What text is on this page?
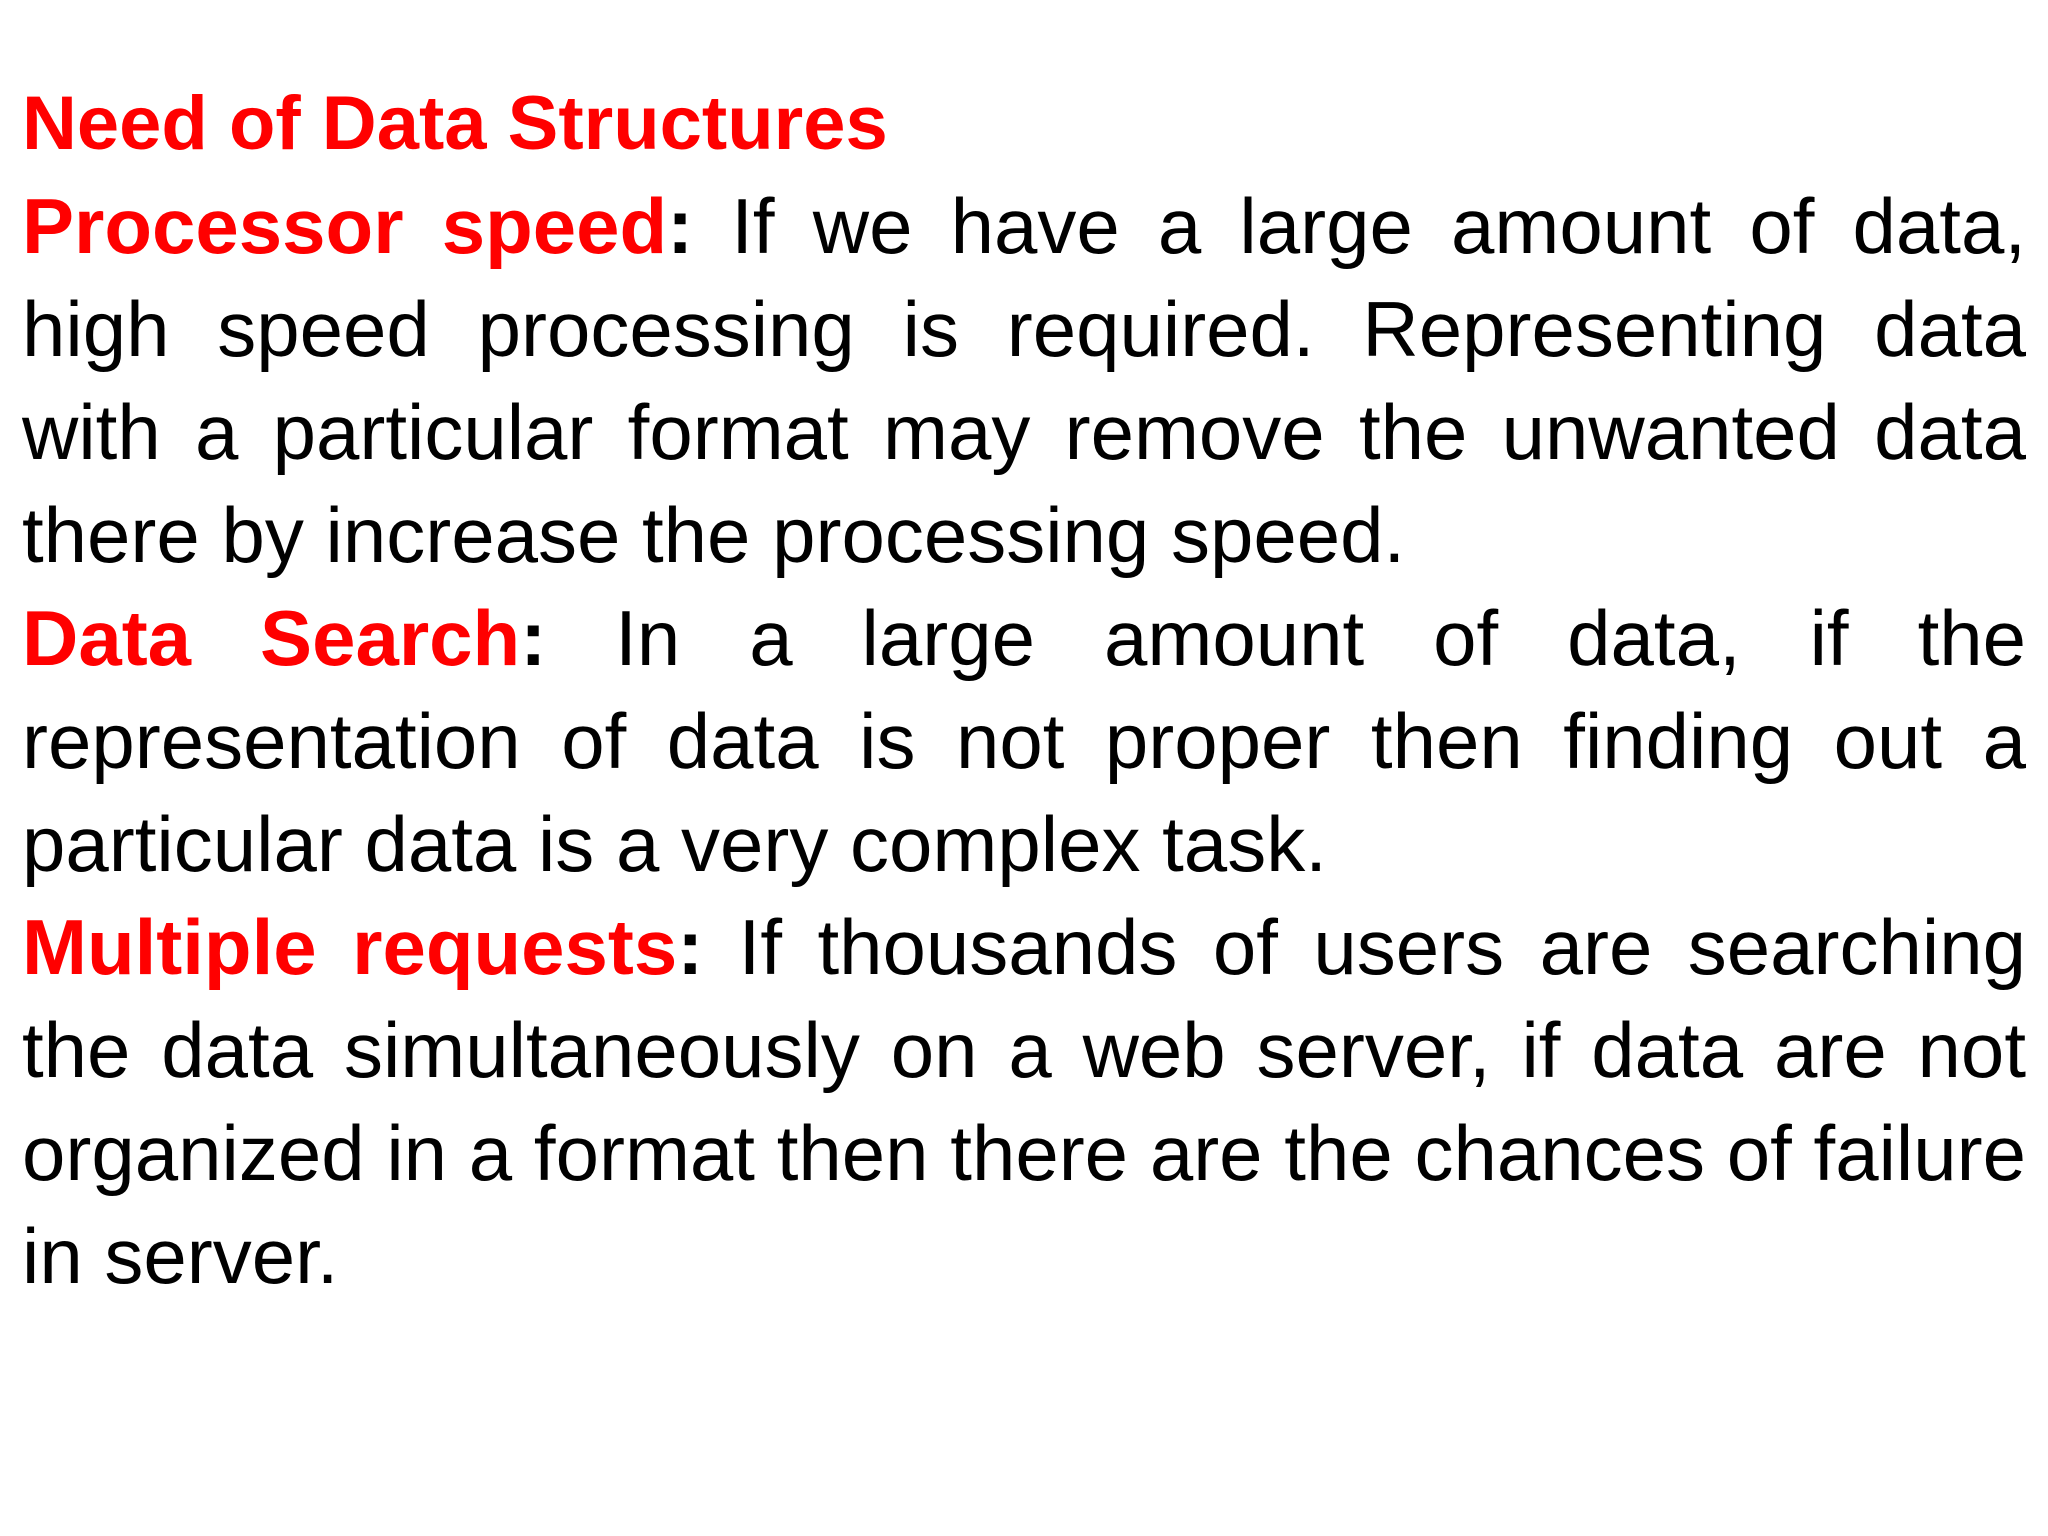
Need of Data Structures

Processor speed: If we have a large amount of data, high speed processing is required. Representing data with a particular format may remove the unwanted data there by increase the processing speed.

Data Search: In a large amount of data, if the representation of data is not proper then finding out a particular data is a very complex task.

Multiple requests: If thousands of users are searching the data simultaneously on a web server, if data are not organized in a format then there are the chances of failure in server.
